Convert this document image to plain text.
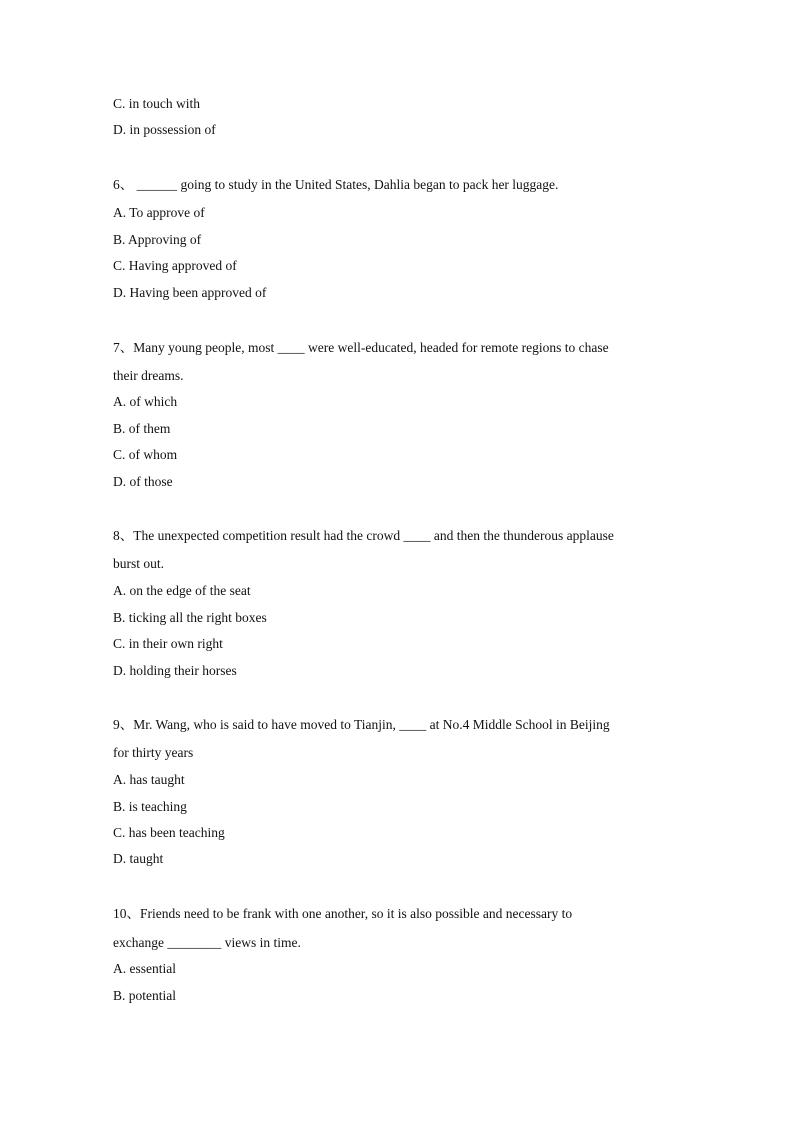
C. in touch with

D. in possession of

6、 ______ going to study in the United States, Dahlia began to pack her luggage.

A. To approve of

B. Approving of

C. Having approved of

D. Having been approved of

7、Many young people, most ____ were well-educated, headed for remote regions to chase

their dreams.

A. of which

B. of them

C. of whom

D. of those

8、The unexpected competition result had the crowd ____ and then the thunderous applause

burst out.

A. on the edge of the seat

B. ticking all the right boxes

C. in their own right

D. holding their horses

9、Mr. Wang, who is said to have moved to Tianjin, ____ at No.4 Middle School in Beijing

for thirty years

A. has taught

B. is teaching

C. has been teaching

D. taught

10、Friends need to be frank with one another, so it is also possible and necessary to

exchange ________ views in time.

A. essential

B. potential
